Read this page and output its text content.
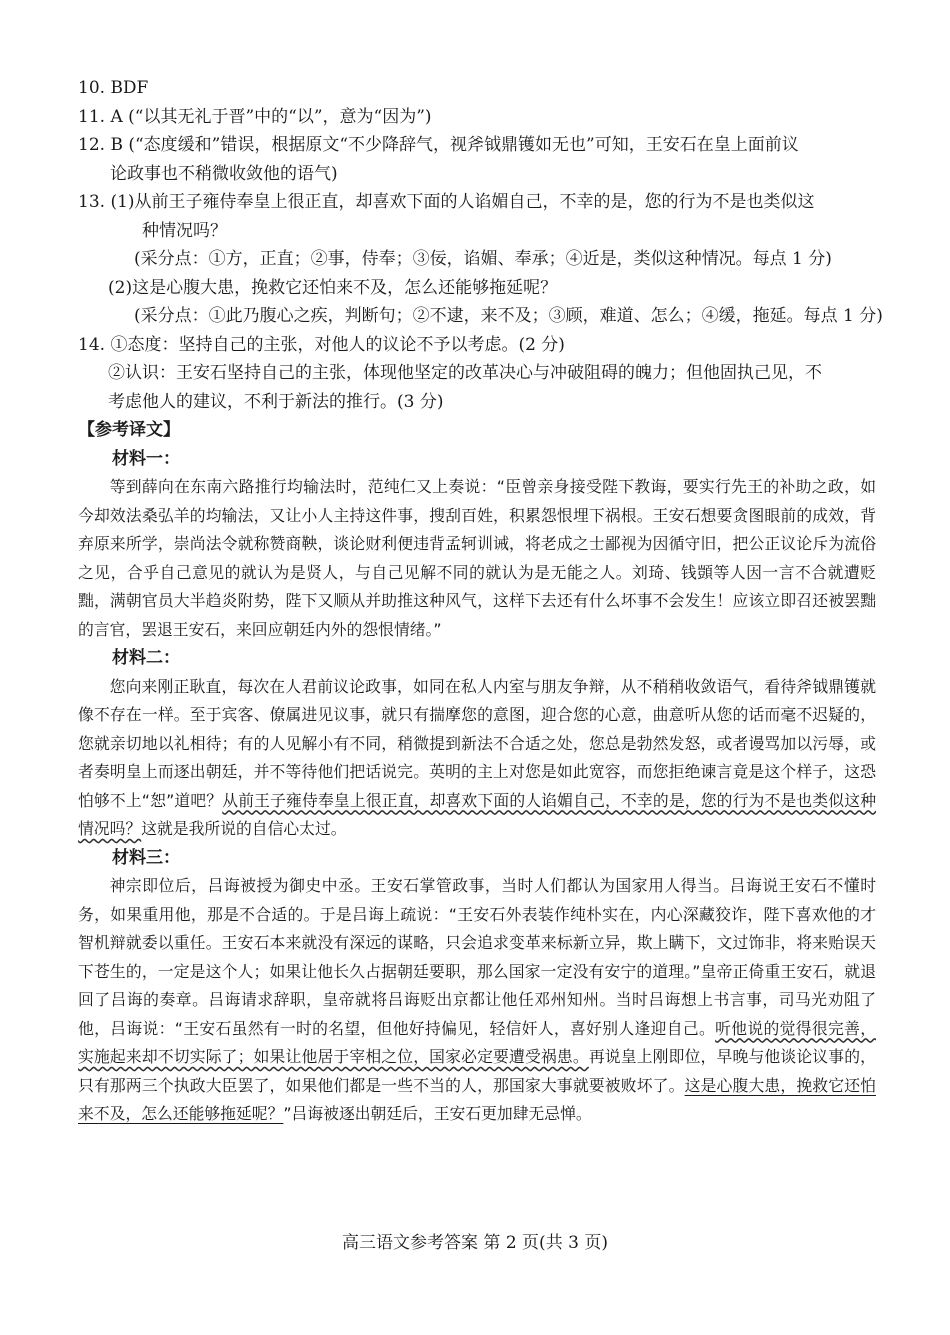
10. BDF
11. A (“以其无礼于晋”中的“以”，意为“因为”)
12. B (“态度缓和”错误，根据原文“不少降辞气，视斧钺鼎镬如无也”可知，王安石在皇上面前议
论政事也不稍微收敛他的语气)
13. (1)从前王子雍侍奉皇上很正直，却喜欢下面的人谄媚自己，不幸的是，您的行为不是也类似这
种情况吗？
(采分点：①方，正直；②事，侍奉；③佞，谄媚、奉承；④近是，类似这种情况。每点 1 分)
(2)这是心腹大患，挽救它还怕来不及，怎么还能够拖延呢？
(采分点：①此乃腹心之疾，判断句；②不逮，来不及；③顾，难道、怎么；④缓，拖延。每点 1 分)
14. ①态度：坚持自己的主张，对他人的议论不予以考虑。(2 分)
②认识：王安石坚持自己的主张，体现他坚定的改革决心与冲破阻碍的魄力；但他固执己见，不
考虑他人的建议，不利于新法的推行。(3 分)
【参考译文】
材料一：

等到薛向在东南六路推行均输法时，范纯仁又上奏说：“臣曾亲身接受陛下教诲，要实行先王的补助之政，如今却效法桑弘羊的均输法，又让小人主持这件事，搜刮百姓，积累怨恨埋下祸根。王安石想要贪图眼前的成效，背弃原来所学，崇尚法令就称赞商鞅，谈论财利便违背孟轲训诫，将老成之士鄙视为因循守旧，把公正议论斥为流俗之见，合乎自己意见的就认为是贤人，与自己见解不同的就认为是无能之人。刘琦、钱顗等人因一言不合就遭贬黜，满朝官员大半趋炎附势，陛下又顺从并助推这种风气，这样下去还有什么坏事不会发生！应该立即召还被罢黜的言官，罢退王安石，来回应朝廷内外的怨恨情绪。”

材料二：

您向来刚正耿直，每次在人君前议论政事，如同在私人内室与朋友争辩，从不稍稍收敛语气，看待斧钺鼎镬就像不存在一样。至于宾客、僚属进见议事，就只有揣摩您的意图，迎合您的心意，曲意听从您的话而毫不迟疑的，您就亲切地以礼相待；有的人见解小有不同，稍微提到新法不合适之处，您总是勃然发怒，或者谩骂加以污辱，或者奏明皇上而逐出朝廷，并不等待他们把话说完。英明的主上对您是如此宽容，而您拒绝谏言竟是这个样子，这恐怕够不上“恕”道吧？从前王子雍侍奉皇上很正直，却喜欢下面的人谄媚自己，不幸的是，您的行为不是也类似这种情况吗？这就是我所说的自信心太过。

材料三：

神宗即位后，吕诲被授为御史中丞。王安石掌管政事，当时人们都认为国家用人得当。吕诲说王安石不懂时务，如果重用他，那是不合适的。于是吕诲上疏说：“王安石外表装作纯朴实在，内心深藏狡诈，陛下喜欢他的才智机辩就委以重任。王安石本来就没有深远的谋略，只会追求变革来标新立异，欺上瞒下，文过饰非，将来贻误天下苍生的，一定是这个人；如果让他长久占据朝廷要职，那么国家一定没有安宁的道理。”皇帝正倚重王安石，就退回了吕诲的奏章。吕诲请求辞职，皇帝就将吕诲贬出京都让他任邓州知州。当时吕诲想上书言事，司马光劝阻了他，吕诲说：“王安石虽然有一时的名望，但他好持偏见，轻信奸人，喜好别人逢迎自己。听他说的觉得很完善，实施起来却不切实际了；如果让他居于宰相之位，国家必定要遭受祸患。再说皇上刚即位，早晚与他谈论议事的，只有那两三个执政大臣罢了，如果他们都是一些不当的人，那国家大事就要被败坏了。这是心腹大患，挽救它还怕来不及，怎么还能够拖延呢？”吕诲被逐出朝廷后，王安石更加肆无忌惮。

高三语文参考答案 第 2 页(共 3 页)
